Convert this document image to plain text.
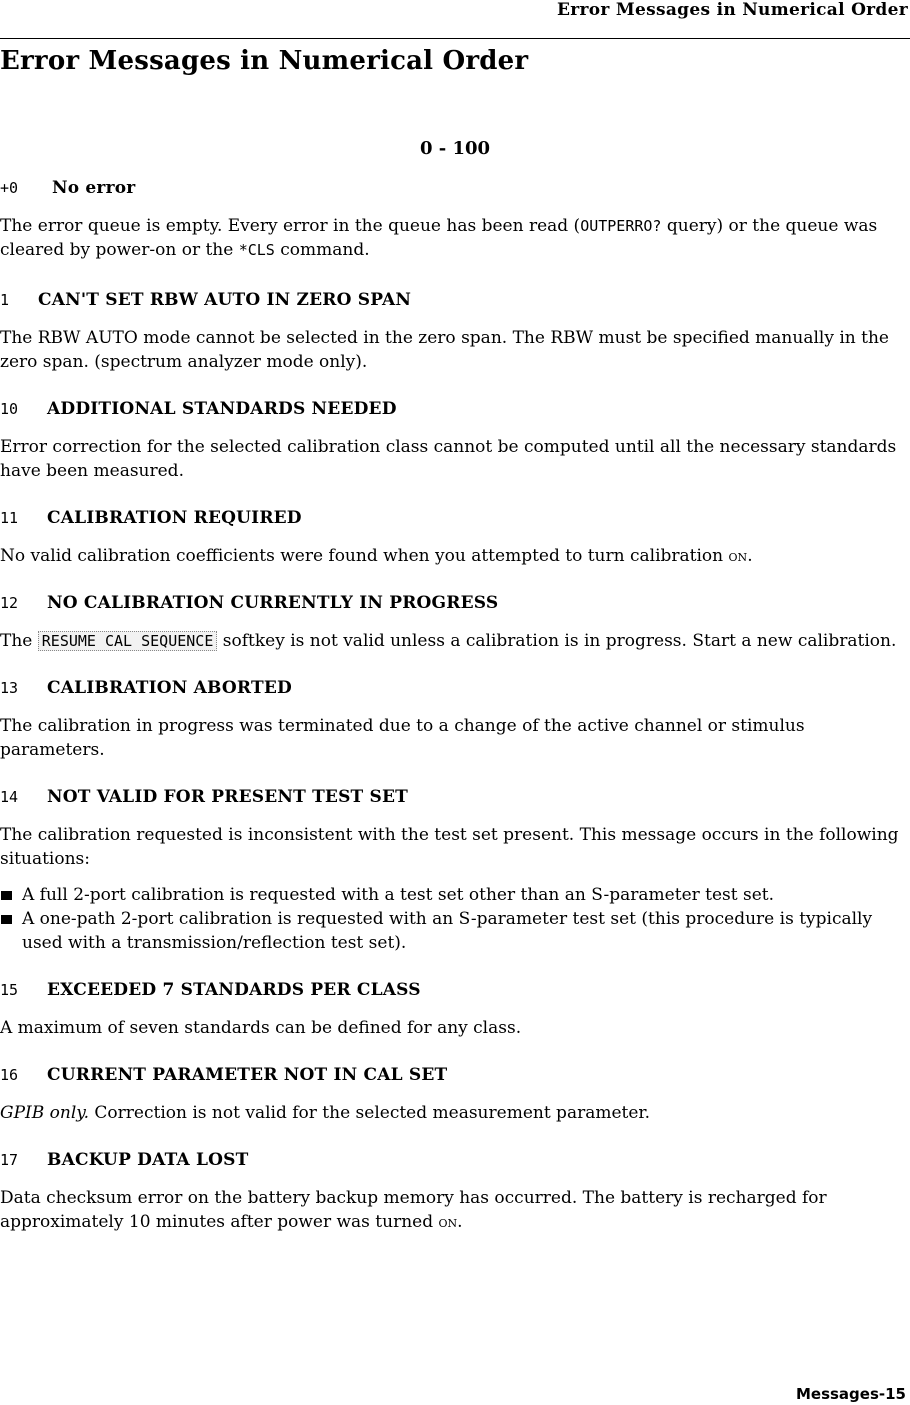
Error Messages in Numerical Order
Error Messages in Numerical Order
0 - 100
+0	No error

The error queue is empty. Every error in the queue has been read (OUTPERRO? query) or the queue was cleared by power-on or the *CLS command.

1	CAN'T SET RBW AUTO IN ZERO SPAN

The RBW AUTO mode cannot be selected in the zero span. The RBW must be specified manually in the zero span. (spectrum analyzer mode only).

10	ADDITIONAL STANDARDS NEEDED

Error correction for the selected calibration class cannot be computed until all the necessary standards have been measured.

11	CALIBRATION REQUIRED

No valid calibration coefficients were found when you attempted to turn calibration on.

12	NO CALIBRATION CURRENTLY IN PROGRESS

The RESUME CAL SEQUENCE softkey is not valid unless a calibration is in progress. Start a new calibration.

13	CALIBRATION ABORTED

The calibration in progress was terminated due to a change of the active channel or stimulus parameters.

14	NOT VALID FOR PRESENT TEST SET

The calibration requested is inconsistent with the test set present. This message occurs in the following situations:

A full 2-port calibration is requested with a test set other than an S-parameter test set.
A one-path 2-port calibration is requested with an S-parameter test set (this procedure is typically used with a transmission/reflection test set).
15	EXCEEDED 7 STANDARDS PER CLASS

A maximum of seven standards can be defined for any class.

16	CURRENT PARAMETER NOT IN CAL SET

GPIB only. Correction is not valid for the selected measurement parameter.

17	BACKUP DATA LOST

Data checksum error on the battery backup memory has occurred. The battery is recharged for approximately 10 minutes after power was turned on.

Messages-15
